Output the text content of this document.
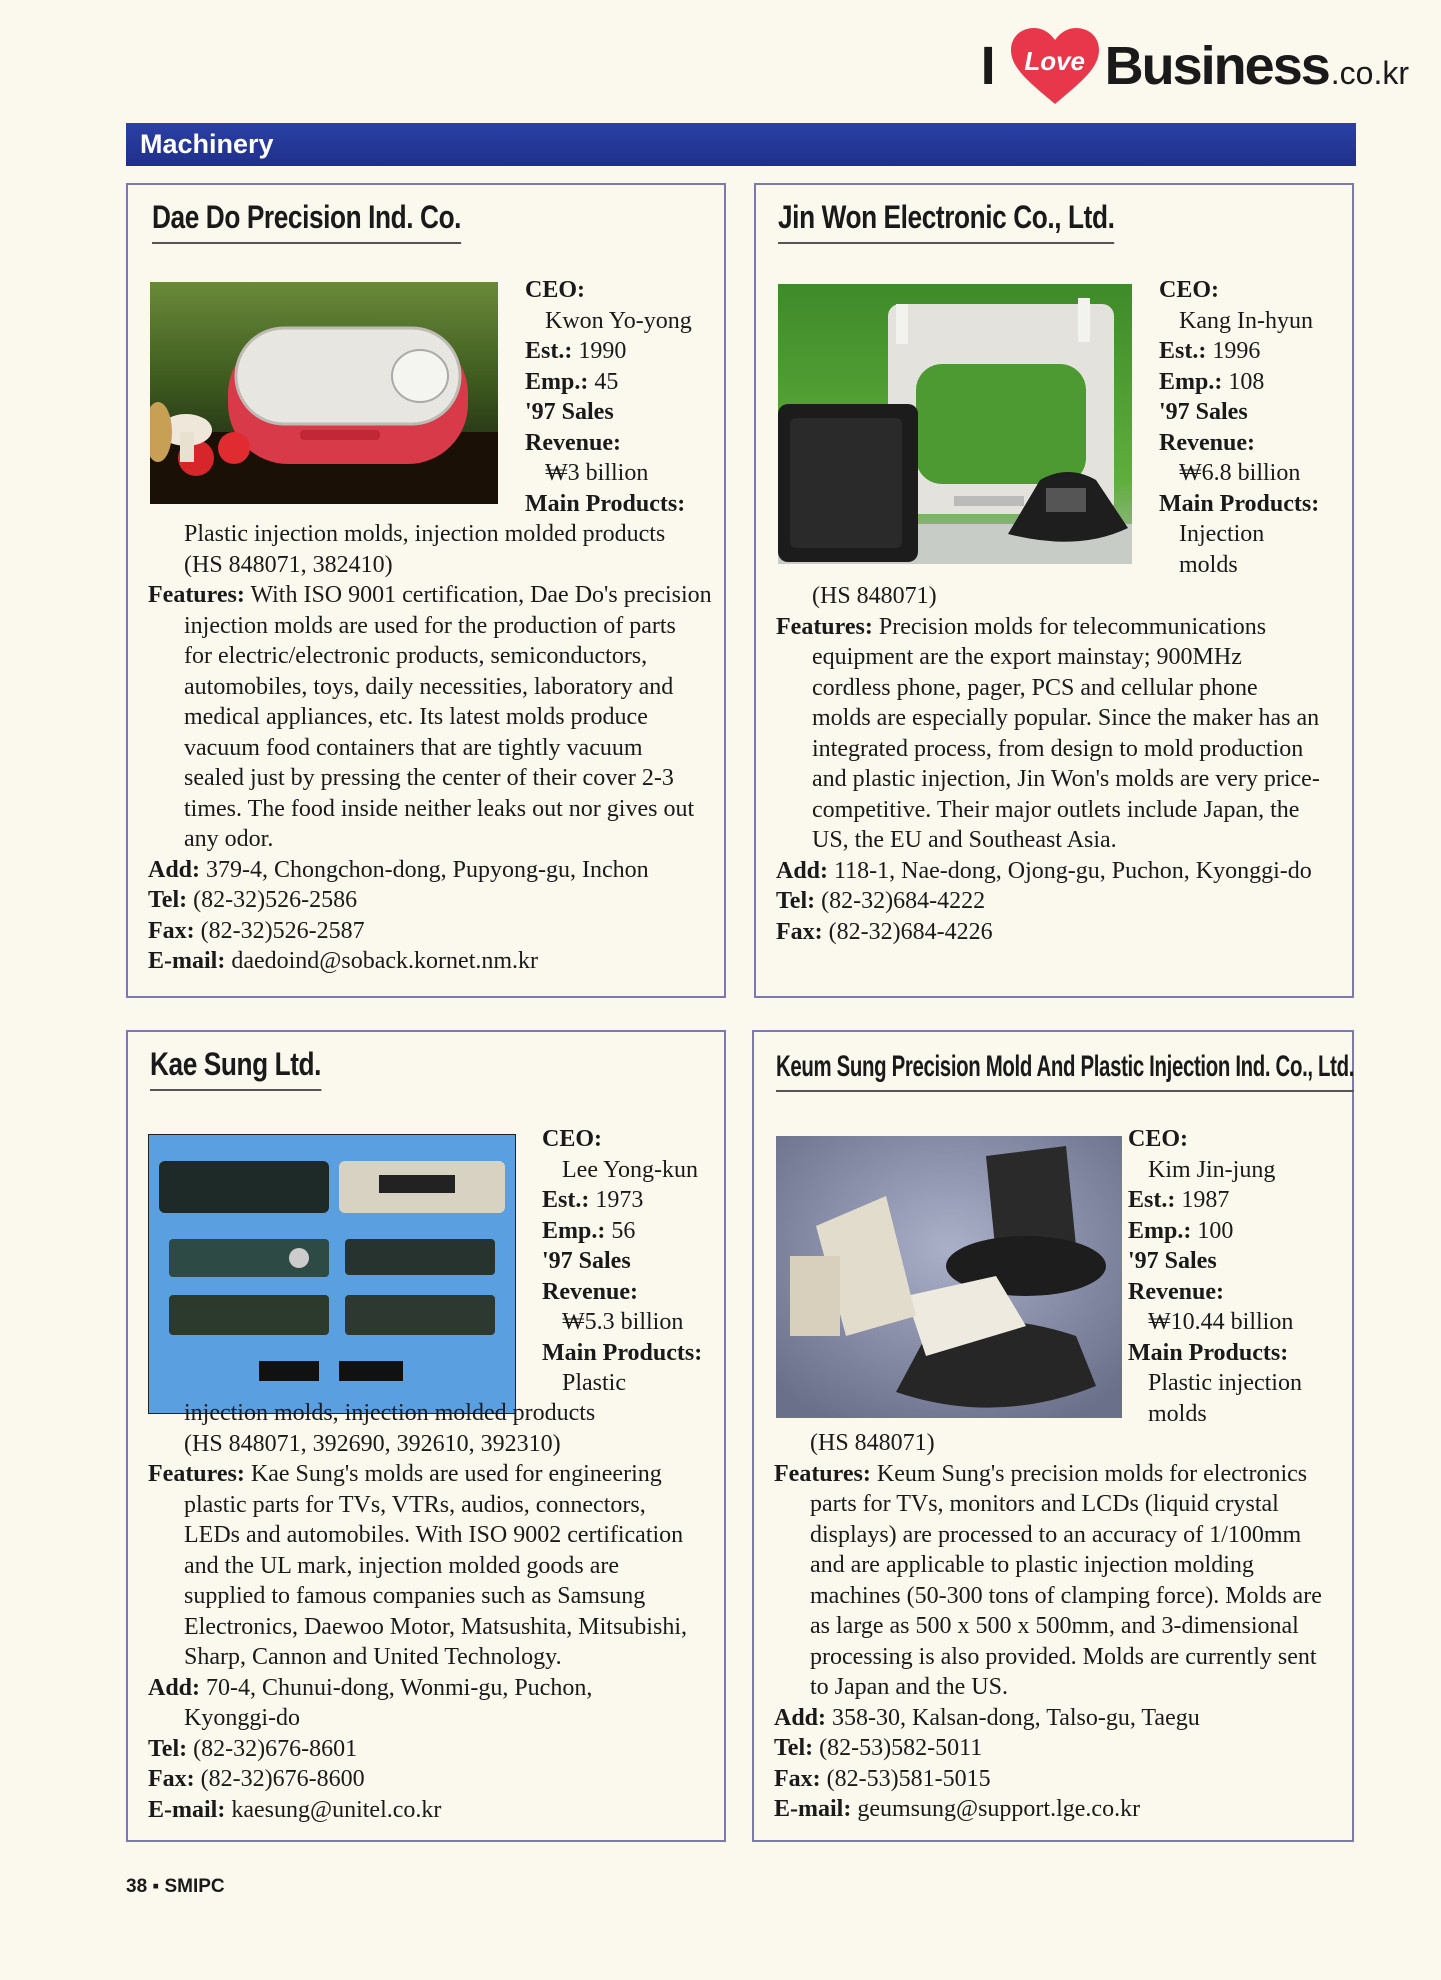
I	Love Business .co.kr
Machinery
Dae Do Precision Ind. Co.
CEO:
Kwon Yo-yong
Est.: 1990
Emp.: 45
'97 Sales
Revenue:
₩3 billion
Main Products:

Plastic injection molds, injection molded products

(HS 848071, 382410)

Features: With ISO 9001 certification, Dae Do's precision

injection molds are used for the production of parts

for electric/electronic products, semiconductors,

automobiles, toys, daily necessities, laboratory and

medical appliances, etc. Its latest molds produce

vacuum food containers that are tightly vacuum

sealed just by pressing the center of their cover 2-3

times. The food inside neither leaks out nor gives out

any odor.

Add: 379-4, Chongchon-dong, Pupyong-gu, Inchon

Tel: (82-32)526-2586

Fax: (82-32)526-2587

E-mail: daedoind@soback.kornet.nm.kr

Jin Won Electronic Co., Ltd.
CEO:
Kang In-hyun
Est.: 1996
Emp.: 108
'97 Sales
Revenue:
₩6.8 billion
Main Products:
Injection
molds

(HS 848071)

Features: Precision molds for telecommunications

equipment are the export mainstay; 900MHz

cordless phone, pager, PCS and cellular phone

molds are especially popular. Since the maker has an

integrated process, from design to mold production

and plastic injection, Jin Won's molds are very price-

competitive. Their major outlets include Japan, the

US, the EU and Southeast Asia.

Add: 118-1, Nae-dong, Ojong-gu, Puchon, Kyonggi-do

Tel: (82-32)684-4222

Fax: (82-32)684-4226

Kae Sung Ltd.
CEO:
Lee Yong-kun
Est.: 1973
Emp.: 56
'97 Sales
Revenue:
₩5.3 billion
Main Products:
Plastic

injection molds, injection molded products

(HS 848071, 392690, 392610, 392310)

Features: Kae Sung's molds are used for engineering

plastic parts for TVs, VTRs, audios, connectors,

LEDs and automobiles. With ISO 9002 certification

and the UL mark, injection molded goods are

supplied to famous companies such as Samsung

Electronics, Daewoo Motor, Matsushita, Mitsubishi,

Sharp, Cannon and United Technology.

Add: 70-4, Chunui-dong, Wonmi-gu, Puchon,

Kyonggi-do

Tel: (82-32)676-8601

Fax: (82-32)676-8600

E-mail: kaesung@unitel.co.kr

Keum Sung Precision Mold And Plastic Injection Ind. Co., Ltd.
CEO:
Kim Jin-jung
Est.: 1987
Emp.: 100
'97 Sales
Revenue:
₩10.44 billion
Main Products:
Plastic injection
molds

(HS 848071)

Features: Keum Sung's precision molds for electronics

parts for TVs, monitors and LCDs (liquid crystal

displays) are processed to an accuracy of 1/100mm

and are applicable to plastic injection molding

machines (50-300 tons of clamping force). Molds are

as large as 500 x 500 x 500mm, and 3-dimensional

processing is also provided. Molds are currently sent

to Japan and the US.

Add: 358-30, Kalsan-dong, Talso-gu, Taegu

Tel: (82-53)582-5011

Fax: (82-53)581-5015

E-mail: geumsung@support.lge.co.kr

38 ▪ SMIPC
